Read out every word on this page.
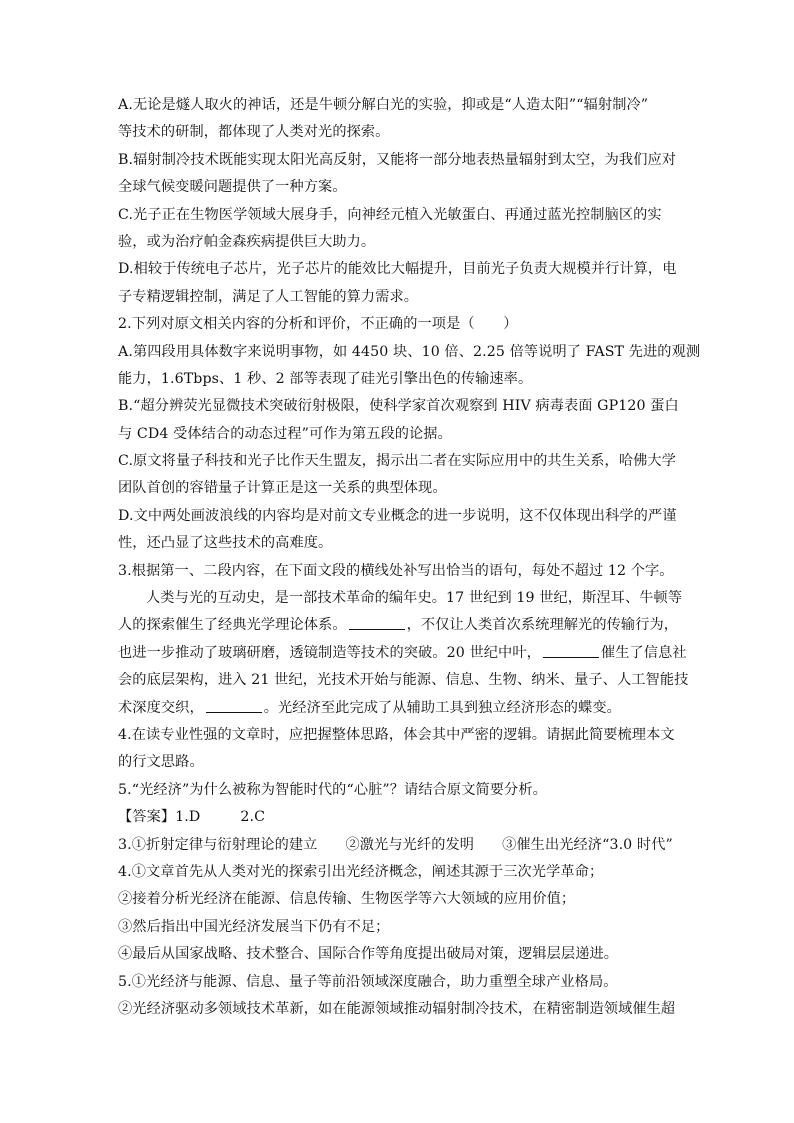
A.无论是燧人取火的神话，还是牛顿分解白光的实验，抑或是“人造太阳”“辐射制冷”
等技术的研制，都体现了人类对光的探索。
B.辐射制冷技术既能实现太阳光高反射，又能将一部分地表热量辐射到太空，为我们应对
全球气候变暖问题提供了一种方案。
C.光子正在生物医学领域大展身手，向神经元植入光敏蛋白、再通过蓝光控制脑区的实
验，或为治疗帕金森疾病提供巨大助力。
D.相较于传统电子芯片，光子芯片的能效比大幅提升，目前光子负责大规模并行计算，电
子专精逻辑控制，满足了人工智能的算力需求。
2.下列对原文相关内容的分析和评价，不正确的一项是（　　）
A.第四段用具体数字来说明事物，如 4450 块、10 倍、2.25 倍等说明了 FAST 先进的观测
能力，1.6Tbps、1 秒、2 部等表现了硅光引擎出色的传输速率。
B.“超分辨荧光显微技术突破衍射极限，使科学家首次观察到 HIV 病毒表面 GP120 蛋白
与 CD4 受体结合的动态过程”可作为第五段的论据。
C.原文将量子科技和光子比作天生盟友，揭示出二者在实际应用中的共生关系，哈佛大学
团队首创的容错量子计算正是这一关系的典型体现。
D.文中两处画波浪线的内容均是对前文专业概念的进一步说明，这不仅体现出科学的严谨
性，还凸显了这些技术的高难度。
3.根据第一、二段内容，在下面文段的横线处补写出恰当的语句，每处不超过 12 个字。
人类与光的互动史，是一部技术革命的编年史。17 世纪到 19 世纪，斯涅耳、牛顿等
人的探索催生了经典光学理论体系。	，不仅让人类首次系统理解光的传输行为，
也进一步推动了玻璃研磨，透镜制造等技术的突破。20 世纪中叶，	催生了信息社
会的底层架构，进入 21 世纪，光技术开始与能源、信息、生物、纳米、量子、人工智能技
术深度交织，	。光经济至此完成了从辅助工具到独立经济形态的蝶变。
4.在读专业性强的文章时，应把握整体思路，体会其中严密的逻辑。请据此简要梳理本文
的行文思路。
5.“光经济”为什么被称为智能时代的“心脏”？请结合原文简要分析。
【答案】1.D	2.C
3.①折射定律与衍射理论的建立 ②激光与光纤的发明 ③催生出光经济“3.0 时代”
4.①文章首先从人类对光的探索引出光经济概念，阐述其源于三次光学革命；
②接着分析光经济在能源、信息传输、生物医学等六大领域的应用价值；
③然后指出中国光经济发展当下仍有不足；
④最后从国家战略、技术整合、国际合作等角度提出破局对策，逻辑层层递进。
5.①光经济与能源、信息、量子等前沿领域深度融合，助力重塑全球产业格局。
②光经济驱动多领域技术革新，如在能源领域推动辐射制冷技术，在精密制造领域催生超
